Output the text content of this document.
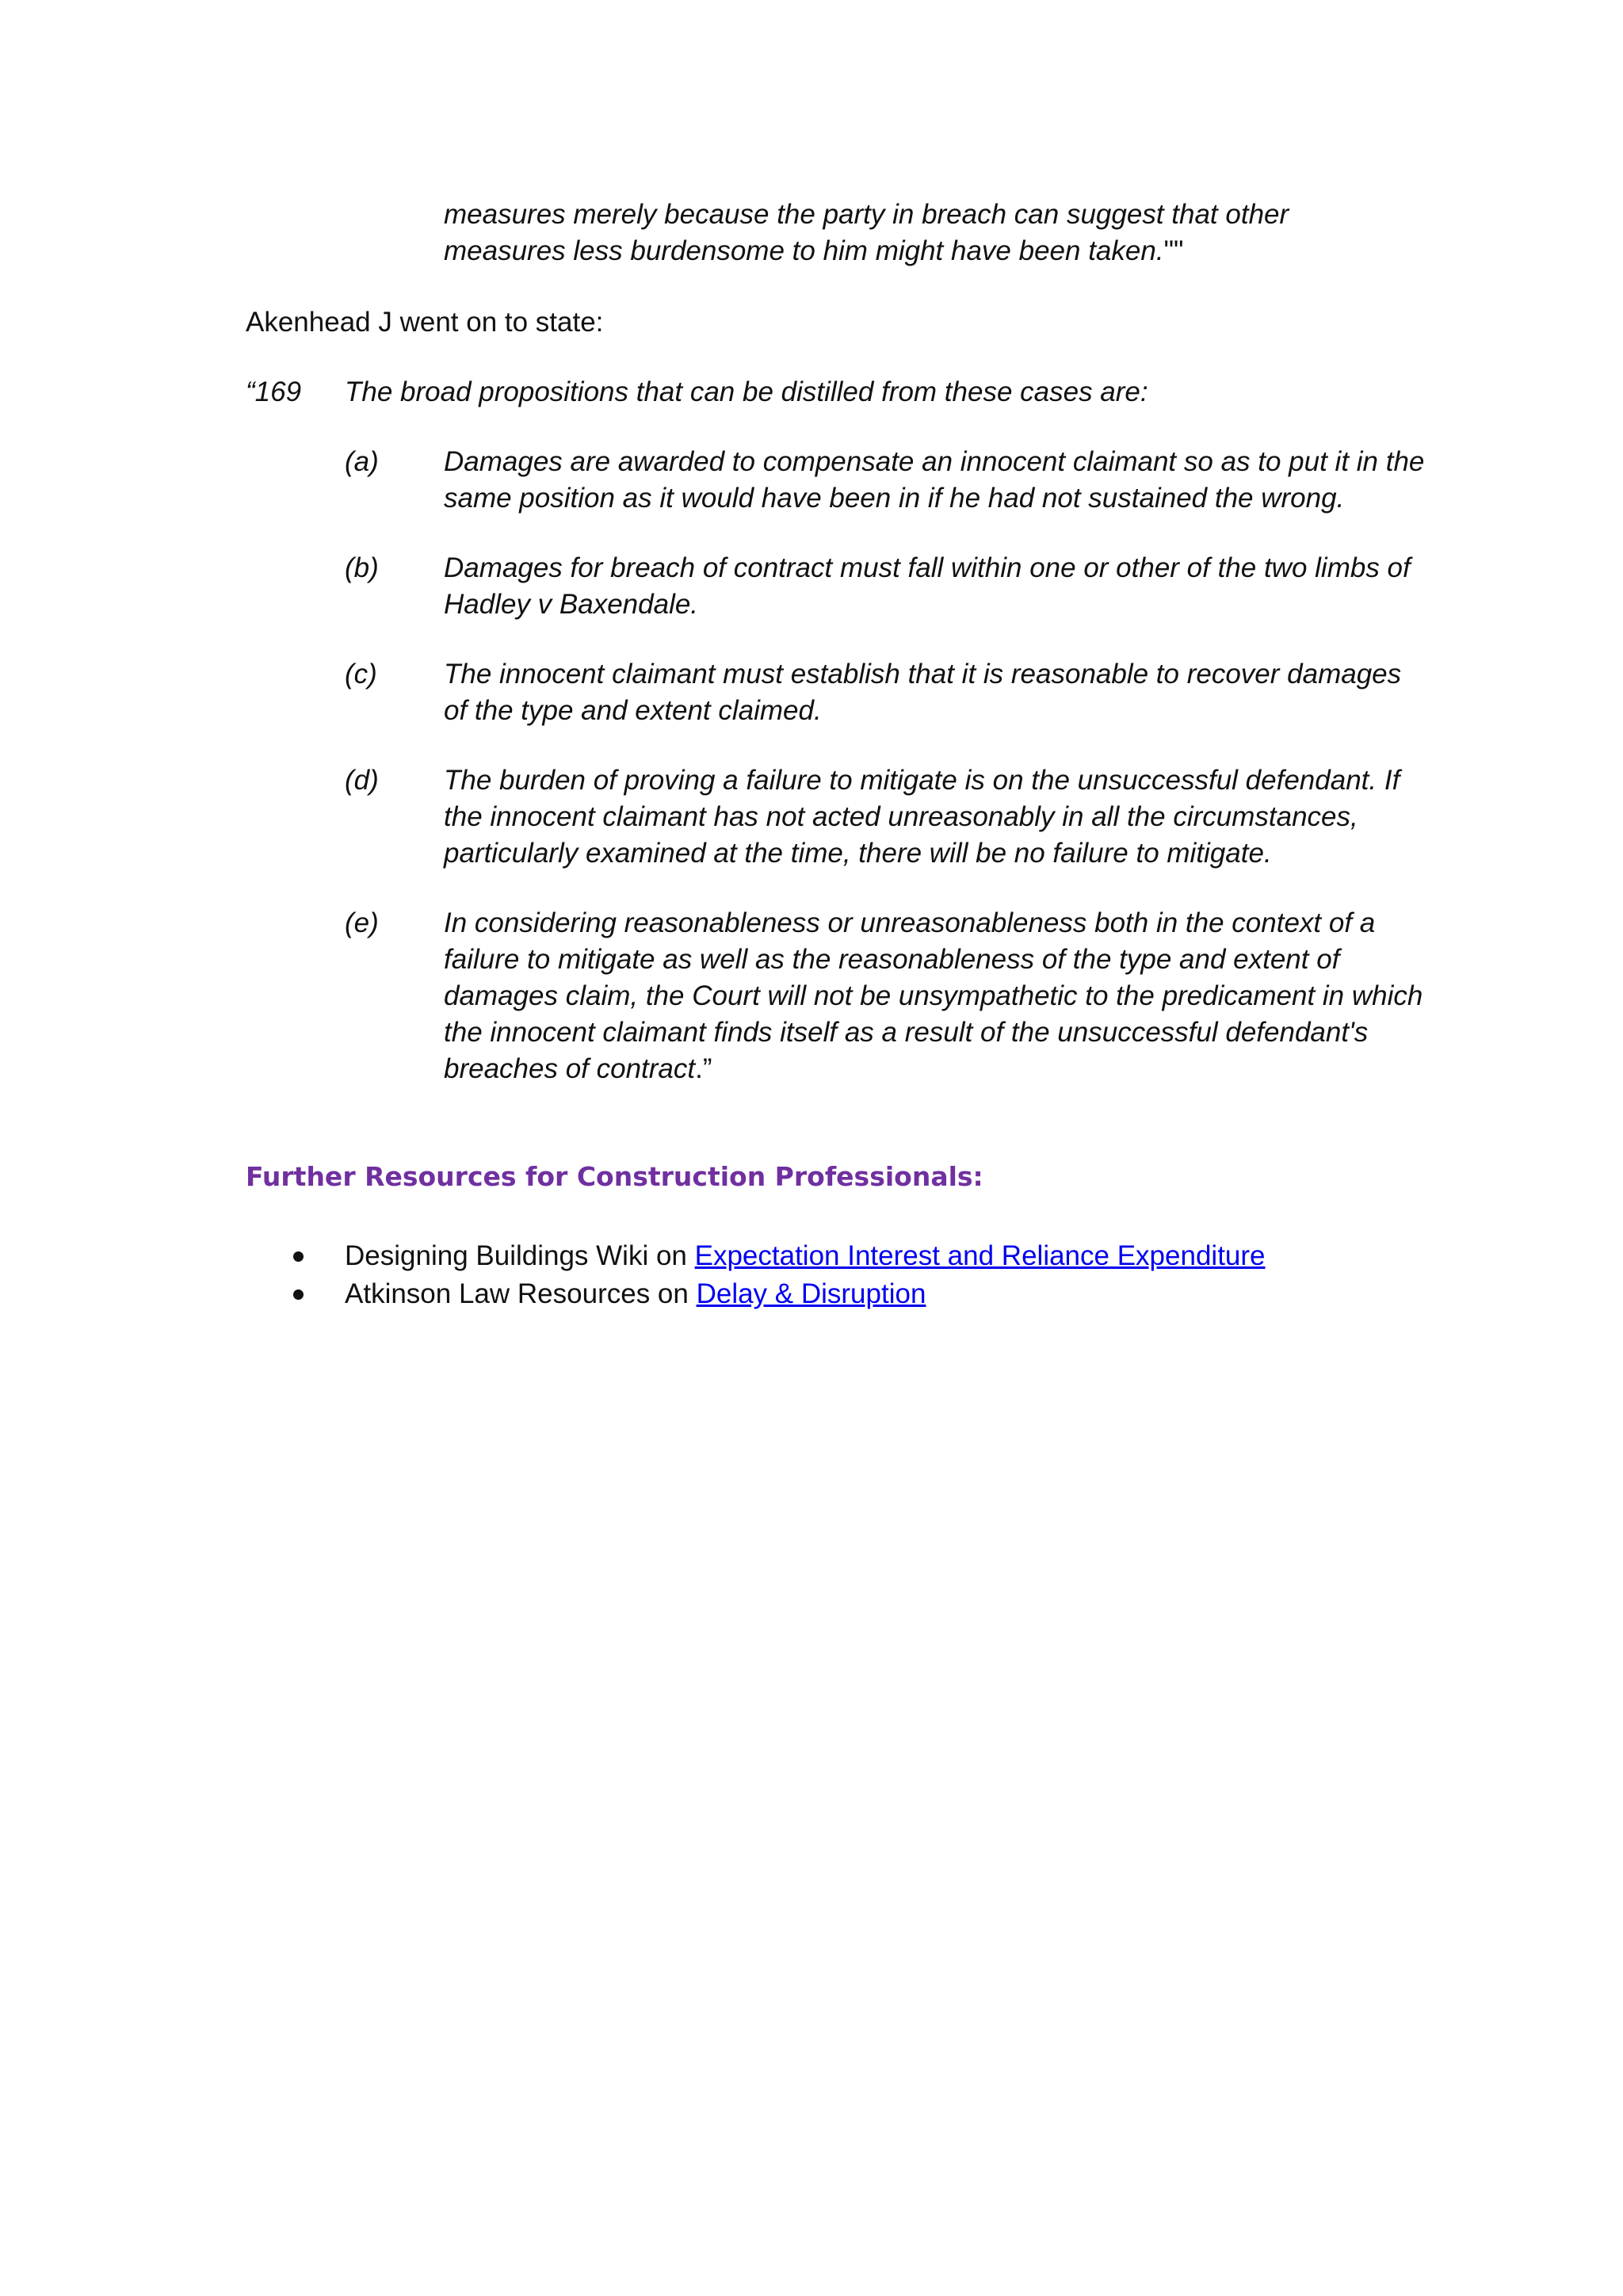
measures merely because the party in breach can suggest that other
measures less burdensome to him might have been taken.""
Akenhead J went on to state:
“169 The broad propositions that can be distilled from these cases are:
(a) Damages are awarded to compensate an innocent claimant so as to put it in the same position as it would have been in if he had not sustained the wrong.
(b) Damages for breach of contract must fall within one or other of the two limbs of Hadley v Baxendale.
(c) The innocent claimant must establish that it is reasonable to recover damages of the type and extent claimed.
(d) The burden of proving a failure to mitigate is on the unsuccessful defendant. If the innocent claimant has not acted unreasonably in all the circumstances, particularly examined at the time, there will be no failure to mitigate.
(e) In considering reasonableness or unreasonableness both in the context of a failure to mitigate as well as the reasonableness of the type and extent of damages claim, the Court will not be unsympathetic to the predicament in which the innocent claimant finds itself as a result of the unsuccessful defendant's breaches of contract.”
Further Resources for Construction Professionals:
Designing Buildings Wiki on Expectation Interest and Reliance Expenditure
Atkinson Law Resources on Delay & Disruption
